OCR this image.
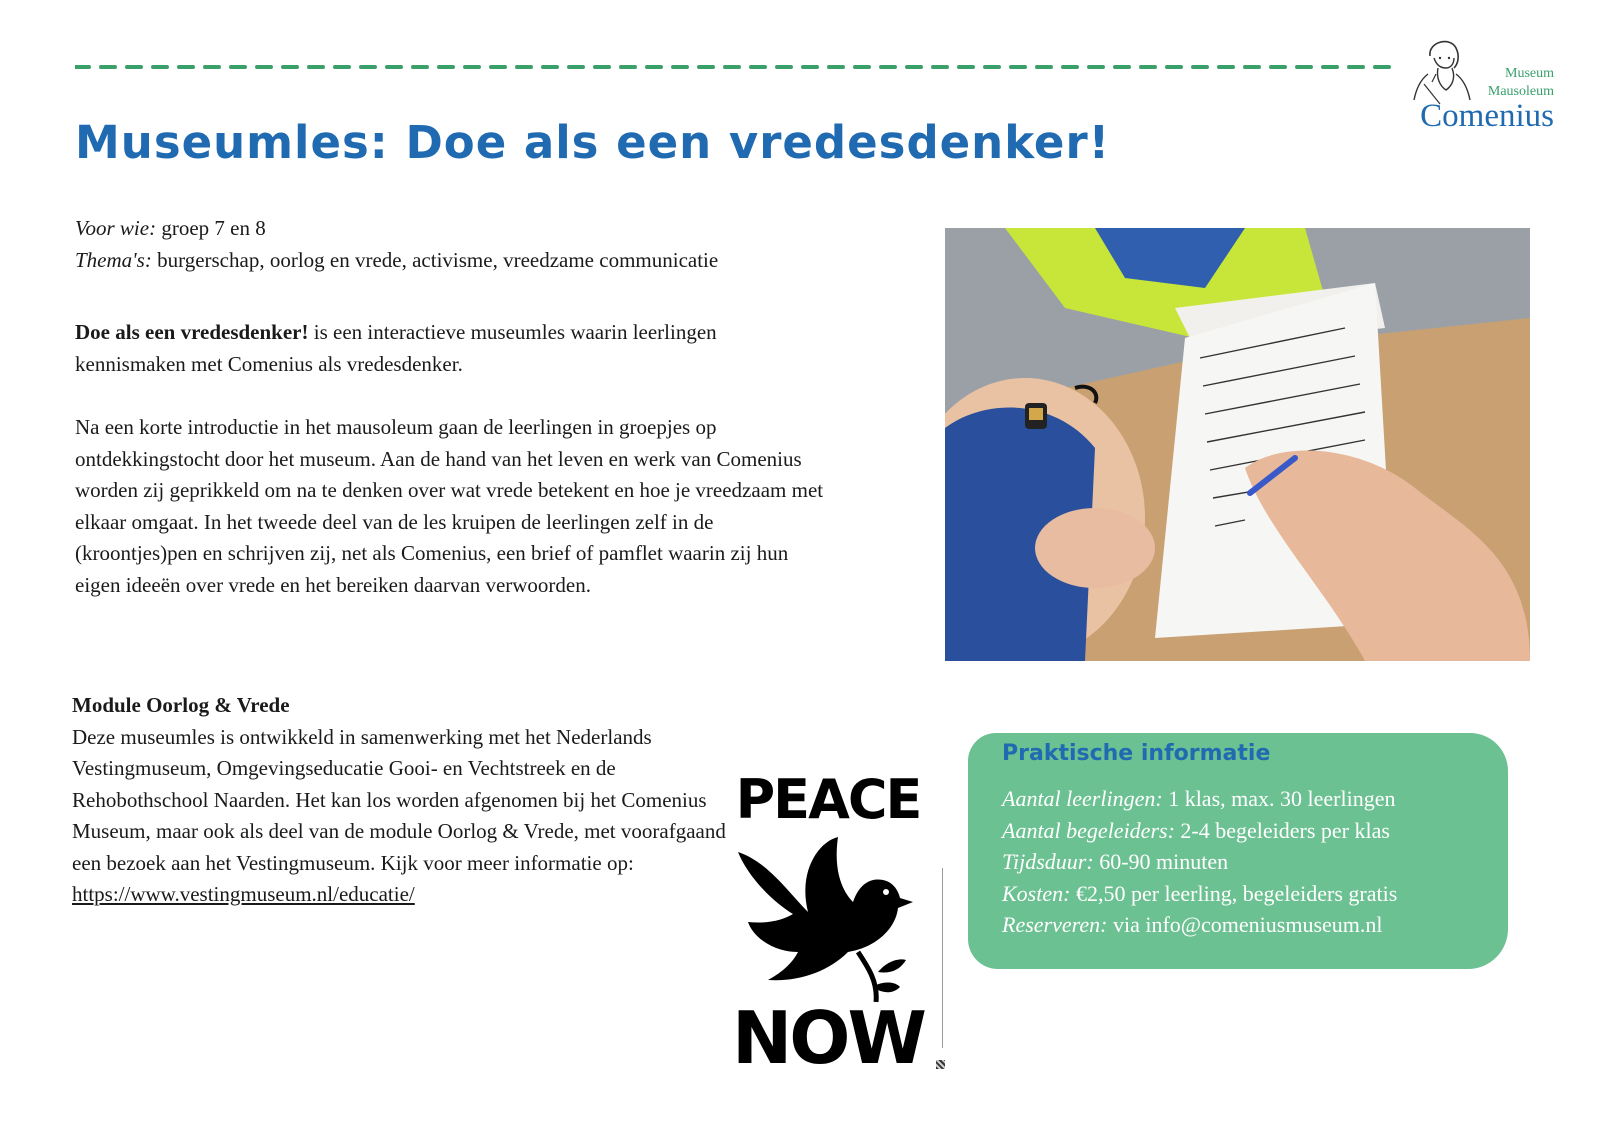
Museum
Mausoleum
Comenius
Museumles: Doe als een vredesdenker!
Voor wie: groep 7 en 8
Thema's: burgerschap, oorlog en vrede, activisme, vreedzame communicatie
Doe als een vredesdenker! is een interactieve museumles waarin leerlingen kennismaken met Comenius als vredesdenker.
Na een korte introductie in het mausoleum gaan de leerlingen in groepjes op ontdekkingstocht door het museum. Aan de hand van het leven en werk van Comenius worden zij geprikkeld om na te denken over wat vrede betekent en hoe je vreedzaam met elkaar omgaat. In het tweede deel van de les kruipen de leerlingen zelf in de (kroontjes)pen en schrijven zij, net als Comenius, een brief of pamflet waarin zij hun eigen ideeën over vrede en het bereiken daarvan verwoorden.
Module Oorlog & Vrede
Deze museumles is ontwikkeld in samenwerking met het Nederlands Vestingmuseum, Omgevingseducatie Gooi- en Vechtstreek en de Rehobothschool Naarden. Het kan los worden afgenomen bij het Comenius Museum, maar ook als deel van de module Oorlog & Vrede, met voorafgaand een bezoek aan het Vestingmuseum. Kijk voor meer informatie op:
https://www.vestingmuseum.nl/educatie/
PEACE
NOW
Praktische informatie
Aantal leerlingen: 1 klas, max. 30 leerlingen
Aantal begeleiders: 2-4 begeleiders per klas
Tijdsduur: 60-90 minuten
Kosten: €2,50 per leerling, begeleiders gratis
Reserveren: via info@comeniusmuseum.nl
